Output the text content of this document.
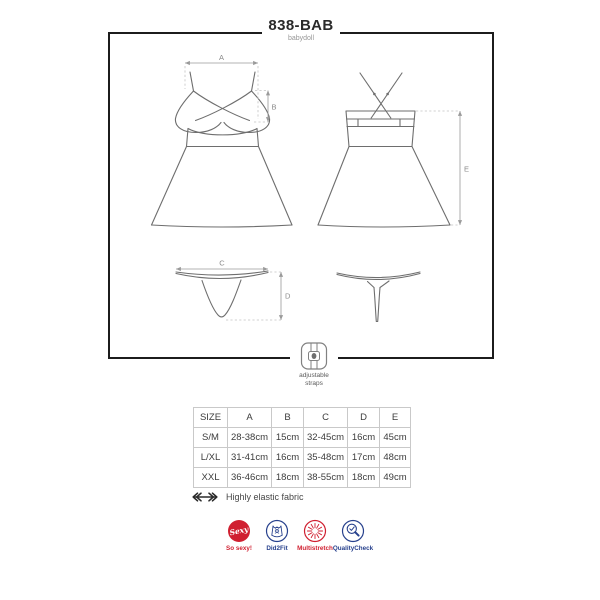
A
B
E
C
D
838-BAB
babydoll
adjustable
straps
SIZE	A	B	C	D	E
S/M	28-38cm	15cm	32-45cm	16cm	45cm
L/XL	31-41cm	16cm	35-48cm	17cm	48cm
XXL	36-46cm	18cm	38-55cm	18cm	49cm
Highly elastic fabric
Sexy
So sexy! Did2Fit Multistretch QualityCheck
